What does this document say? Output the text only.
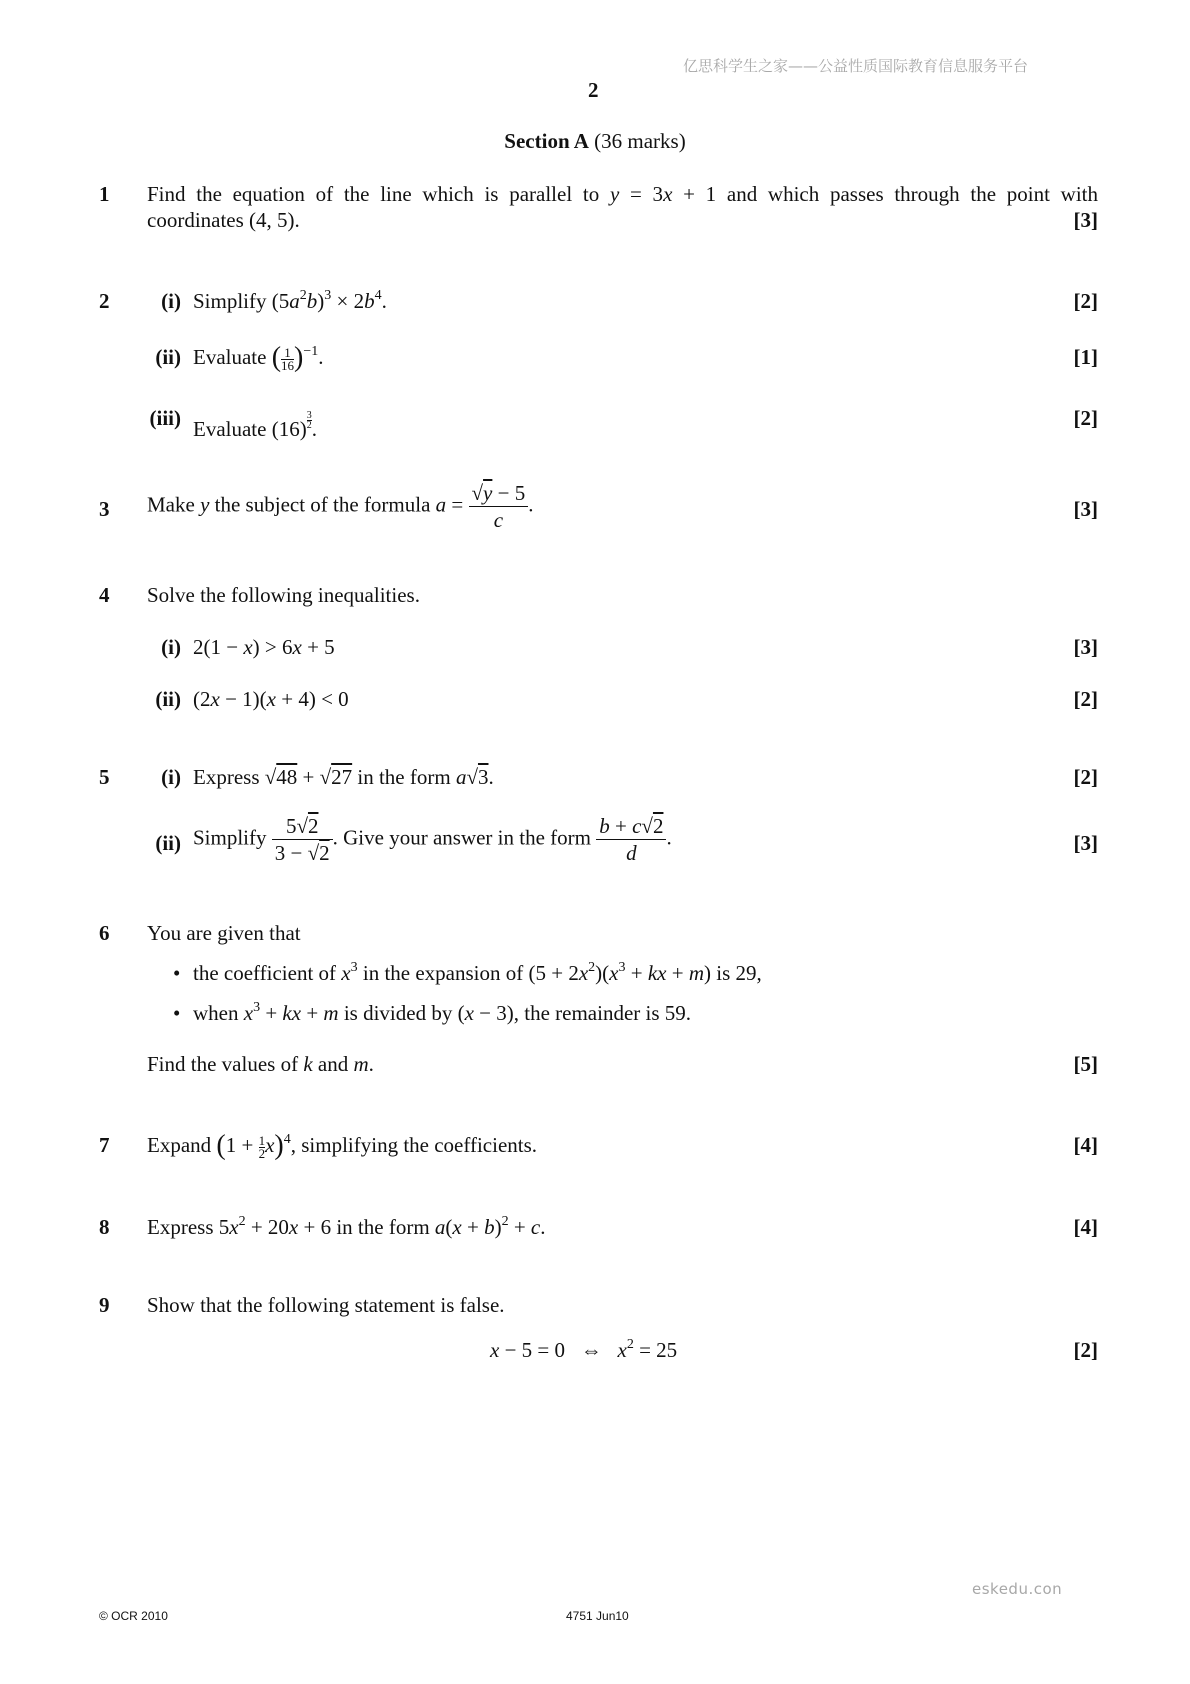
亿思科学生之家——公益性质国际教育信息服务平台
2
Section A (36 marks)
1 Find the equation of the line which is parallel to y = 3x + 1 and which passes through the point with
coordinates (4, 5).	[3]
2	(i) Simplify $(5a^2b)^3 \times 2b^4$.	[2]
(ii) Evaluate ( $\frac{1}{16} )^{-1}$.	[1]
(iii) Evaluate $(16) \frac{3}{2}$ .	[2]
3 Make y the subject of the formula $a = \frac{√y - 5}{c}$ .	[3]
4 Solve the following inequalities.
(i) 2(1 − x) > 6x + 5	[3]
(ii) (2x − 1)(x + 4) < 0	[2]
5	(i) Express √48 + √27 in the form a√3.	[2]
(ii) Simplify $\frac{5√2}{3 - √2}$ . Give your answer in the form $\frac{b + c√2}{d}$ .	[3]
6 You are given that
• the coefficient of $x^3$ in the expansion of $(5 + 2x^2)(x^3$ + kx + m) is 29,
• when $x^3$ + kx + m is divided by (x − 3), the remainder is 59.
Find the values of k and m.	[5]
7 Expand $(1 + \frac{1}{2} x)^4$, simplifying the coefficients.	[4]
8 Express $5x^2 + 20x + 6$ in the form $a(x + b)^2 + c$.	[4]
9 Show that the following statement is false.
x − 5 = 0   ⇔   $x^2 = 25$	[2]
eskedu.con
© OCR 2010	4751 Jun10
